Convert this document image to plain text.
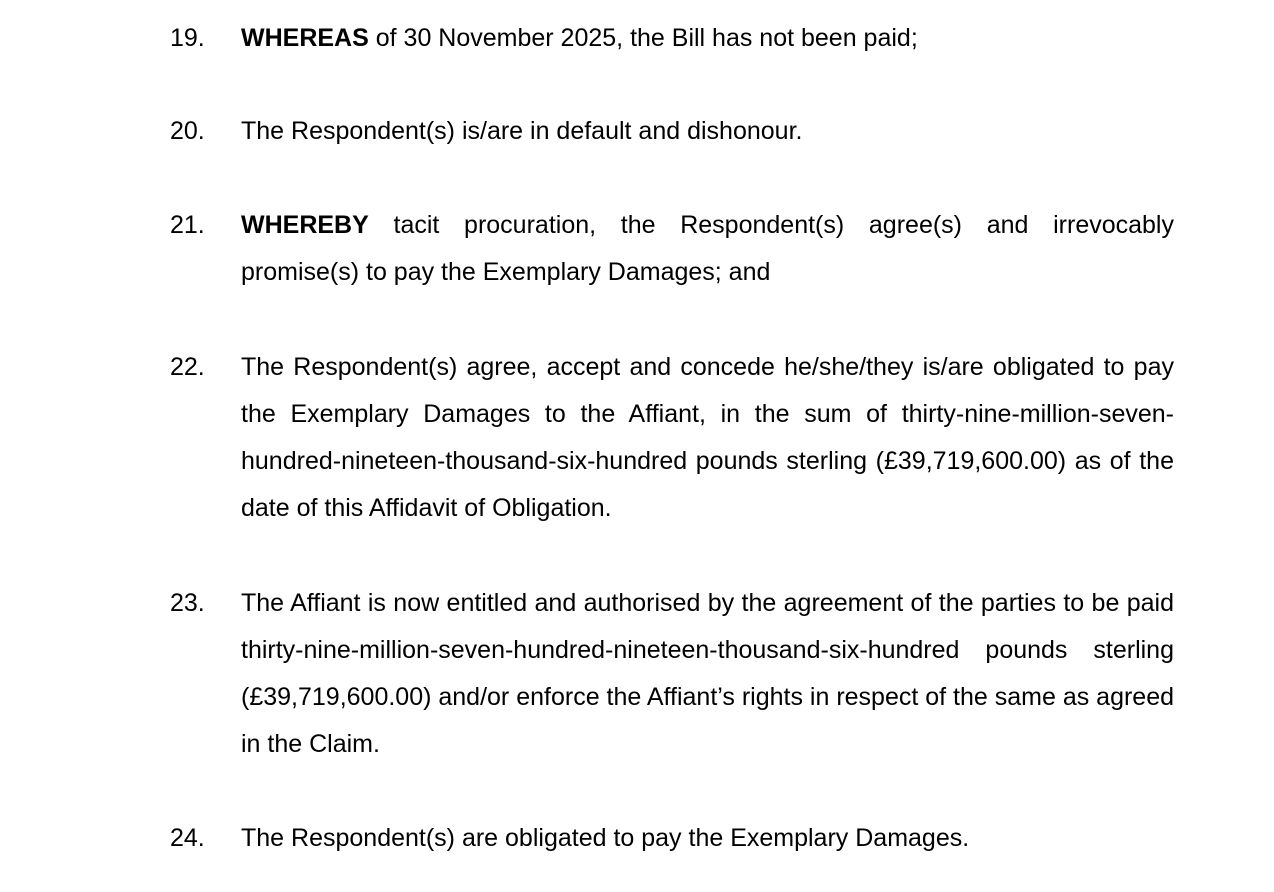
19.	WHEREAS of 30 November 2025, the Bill has not been paid;
20.	The Respondent(s) is/are in default and dishonour.
21.	WHEREBY tacit procuration, the Respondent(s) agree(s) and irrevocably promise(s) to pay the Exemplary Damages; and
22.	The Respondent(s) agree, accept and concede he/she/they is/are obligated to pay the Exemplary Damages to the Affiant, in the sum of thirty-nine-million-seven-hundred-nineteen-thousand-six-hundred pounds sterling (£39,719,600.00) as of the date of this Affidavit of Obligation.
23.	The Affiant is now entitled and authorised by the agreement of the parties to be paid thirty-nine-million-seven-hundred-nineteen-thousand-six-hundred pounds sterling (£39,719,600.00) and/or enforce the Affiant’s rights in respect of the same as agreed in the Claim.
24.	The Respondent(s) are obligated to pay the Exemplary Damages.
